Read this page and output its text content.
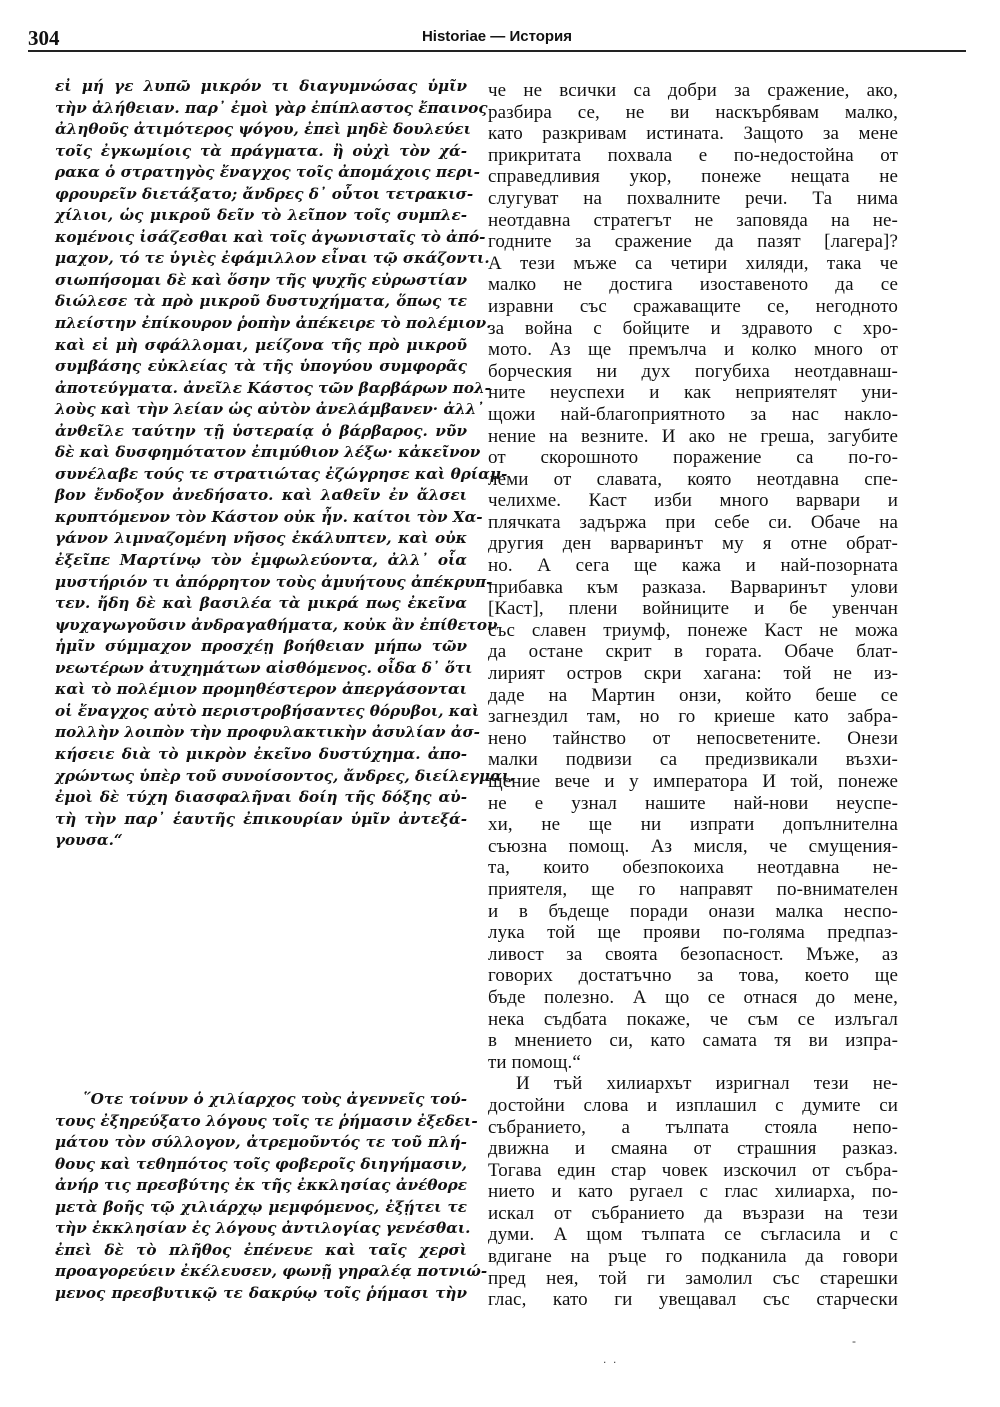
304	Historiae — История
εἰ μή γε λυπῶ μικρόν τι διαγυμνώσας ὑμῖν
τὴν ἀλήθειαν. παρ᾽ ἐμοὶ γὰρ ἐπίπλαστος ἔπαινος
ἀληθοῦς ἀτιμότερος ψόγου, ἐπεὶ μηδὲ δουλεύει
τοῖς ἐγκωμίοις τὰ πράγματα. ἢ οὐχὶ τὸν χά-
ρακα ὁ στρατηγὸς ἔναγχος τοῖς ἀπομάχοις περι-
φρουρεῖν διετάξατο; ἄνδρες δ᾽ οὗτοι τετρακισ-
χίλιοι, ὡς μικροῦ δεῖν τὸ λεῖπον τοῖς συμπλε-
κομένοις ἰσάζεσθαι καὶ τοῖς ἀγωνισταῖς τὸ ἀπό-
μαχον, τό τε ὑγιὲς ἐφάμιλλον εἶναι τῷ σκάζοντι.
σιωπήσομαι δὲ καὶ ὅσην τῆς ψυχῆς εὐρωστίαν
διώλεσε τὰ πρὸ μικροῦ δυστυχήματα, ὅπως τε
πλείστην ἐπίκουρον ῥοπὴν ἀπέκειρε τὸ πολέμιον.
καὶ εἰ μὴ σφάλλομαι, μείζονα τῆς πρὸ μικροῦ
συμβάσης εὐκλείας τὰ τῆς ὑπογύου συμφορᾶς
ἀποτεύγματα. ἀνεῖλε Κάστος τῶν βαρβάρων πολ-
λοὺς καὶ τὴν λείαν ὡς αὐτὸν ἀνελάμβανεν· ἀλλ᾽
ἀνθεῖλε ταύτην τῇ ὑστεραίᾳ ὁ βάρβαρος. νῦν
δὲ καὶ δυσφημότατον ἐπιμύθιον λέξω· κἀκεῖνον
συνέλαβε τούς τε στρατιώτας ἐζώγρησε καὶ θρίαμ-
βον ἔνδοξον ἀνεδήσατο. καὶ λαθεῖν ἐν ἄλσει
κρυπτόμενον τὸν Κάστον οὐκ ἦν. καίτοι τὸν Χα-
γάνον λιμναζομένη νῆσος ἐκάλυπτεν, καὶ οὐκ
ἐξεῖπε Μαρτίνῳ τὸν ἐμφωλεύοντα, ἀλλ᾽ οἷα
μυστήριόν τι ἀπόρρητον τοὺς ἀμυήτους ἀπέκρυπ-
τεν. ἤδη δὲ καὶ βασιλέα τὰ μικρά πως ἐκεῖνα
ψυχαγωγοῦσιν ἀνδραγαθήματα, κοὐκ ἂν ἐπίθετον
ἡμῖν σύμμαχον προσχέῃ βοήθειαν μήπω τῶν
νεωτέρων ἀτυχημάτων αἰσθόμενος. οἶδα δ᾽ ὅτι
καὶ τὸ πολέμιον προμηθέστερον ἀπεργάσονται
οἱ ἔναγχος αὐτὸ περιστροβήσαντες θόρυβοι, καὶ
πολλὴν λοιπὸν τὴν προφυλακτικὴν ἀσυλίαν ἀσ-
κήσειε διὰ τὸ μικρὸν ἐκεῖνο δυστύχημα. ἀπο-
χρώντως ὑπὲρ τοῦ συνοίσοντος, ἄνδρες, διείλεγμαι.
ἐμοὶ δὲ τύχη διασφαλῆναι δοίη τῆς δόξης αὐ-
τὴ τὴν παρ᾽ ἑαυτῆς ἐπικουρίαν ὑμῖν ἀντεξά-
γουσα.“
῞Οτε τοίνυν ὁ χιλίαρχος τοὺς ἀγεννεῖς τού-
τους ἐξηρεύξατο λόγους τοῖς τε ῥήμασιν ἐξεδει-
μάτου τὸν σύλλογον, ἀτρεμοῦντός τε τοῦ πλή-
θους καὶ τεθηπότος τοῖς φοβεροῖς διηγήμασιν,
ἀνήρ τις πρεσβύτης ἐκ τῆς ἐκκλησίας ἀνέθορε
μετὰ βοῆς τῷ χιλιάρχῳ μεμφόμενος, ἐξῄτει τε
τὴν ἐκκλησίαν ἐς λόγους ἀντιλογίας γενέσθαι.
ἐπεὶ δὲ τὸ πλῆθος ἐπένευε καὶ ταῖς χερσὶ
προαγορεύειν ἐκέλευσεν, φωνῇ γηραλέᾳ ποτνιώ-
μενος πρεσβυτικῷ τε δακρύῳ τοῖς ῥήμασι τὴν
че не всички са добри за сражение, ако,
разбира се, не ви наскърбявам малко,
като разкривам истината. Защото за мене
прикритата похвала е по-недостойна от
справедливия укор, понеже нещата не
слугуват на похвалните речи. Та нима
неотдавна стратегът не заповяда на не-
годните за сражение да пазят [лагера]?
А тези мъже са четири хиляди, така че
малко не достига изоставеното да се
изравни със сражаващите се, негодното
за война с бойците и здравото с хро-
мото. Аз ще премълча и колко много от
борческия ни дух погубиха неотдавнаш-
ните неуспехи и как неприятелят уни-
щожи най-благоприятното за нас накло-
нение на везните. И ако не греша, загубите
от скорошното поражение са по-го-
леми от славата, която неотдавна спе-
челихме. Каст изби много варвари и
плячката задържа при себе си. Обаче на
другия ден варваринът му я отне обрат-
но. А сега ще кажа и най-позорната
прибавка към разказа. Варваринът улови
[Каст], плени войниците и бе увенчан
със славен триумф, понеже Каст не можа
да остане скрит в гората. Обаче блат-
лирият остров скри хагана: той не из-
даде на Мартин онзи, който беше се
загнездил там, но го криеше като забра-
нено тайнство от непосветените. Онези
малки подвизи са предизвикали възхи-
щение вече и у императора И той, понеже
не е узнал нашите най-нови неуспе-
хи, не ще ни изпрати допълнителна
съюзна помощ. Аз мисля, че смущения-
та, които обезпокоиха неотдавна не-
приятеля, ще го направят по-внимателен
и в бъдеще поради онази малка неспо-
лука той ще прояви по-голяма предпаз-
ливост за своята безопасност. Мъже, аз
говорих достатъчно за това, което ще
бъде полезно. А що се отнася до мене,
нека съдбата покаже, че съм се излъгал
в мнението си, като самата тя ви изпра-
ти помощ.“
И тъй хилиархът изригнал тези не-
достойни слова и изплашил с думите си
събранието, а тълпата стояла непо-
движна и смаяна от страшния разказ.
Тогава един стар човек изскочил от събра-
нието и като ругаел с глас хилиарха, по-
искал от събранието да възрази на тези
думи. А щом тълпата се съгласила и с
вдигане на ръце го подканила да говори
пред нея, той ги замолил със старешки
глас, като ги увещавал със старчески
-
.  .
